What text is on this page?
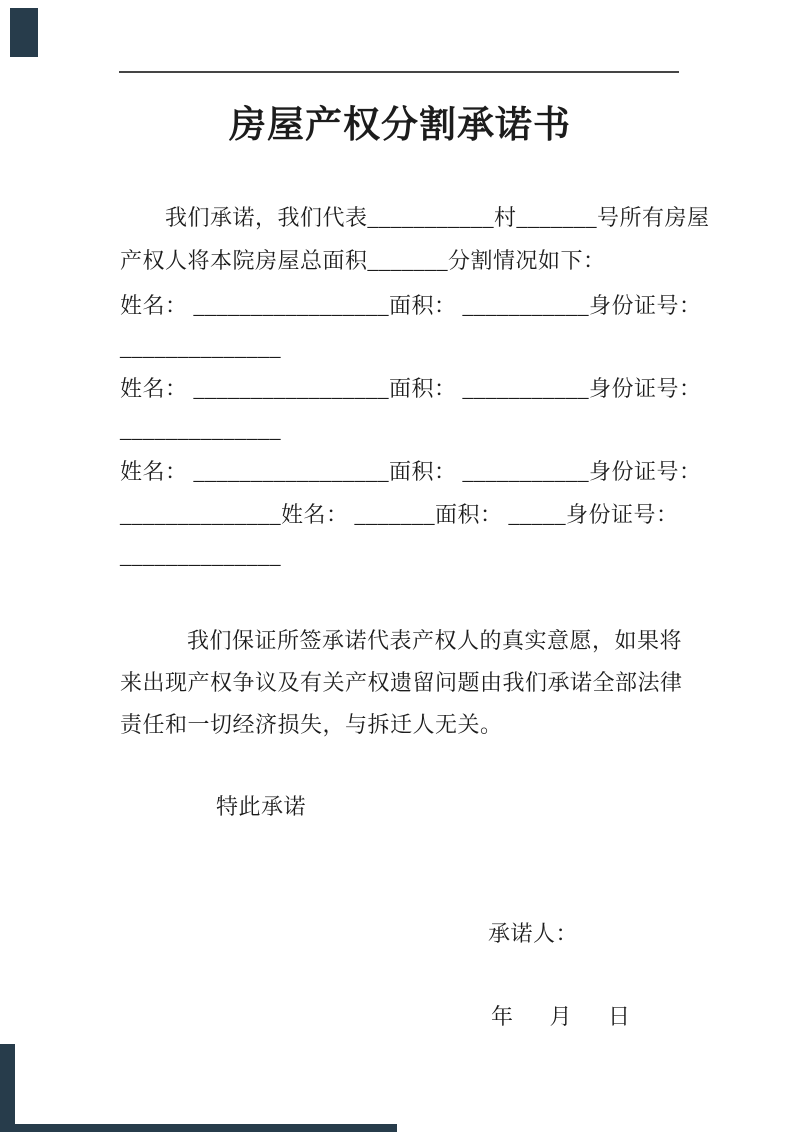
房屋产权分割承诺书
我们承诺，我们代表___________村_______号所有房屋
产权人将本院房屋总面积_______分割情况如下：
姓名： _________________面积： ___________身份证号：
______________
姓名： _________________面积： ___________身份证号：
______________
姓名： _________________面积： ___________身份证号：
______________姓名： _______面积： _____身份证号：
______________
我们保证所签承诺代表产权人的真实意愿，如果将
来出现产权争议及有关产权遗留问题由我们承诺全部法律
责任和一切经济损失，与拆迁人无关。
特此承诺
承诺人：
年 月 日
